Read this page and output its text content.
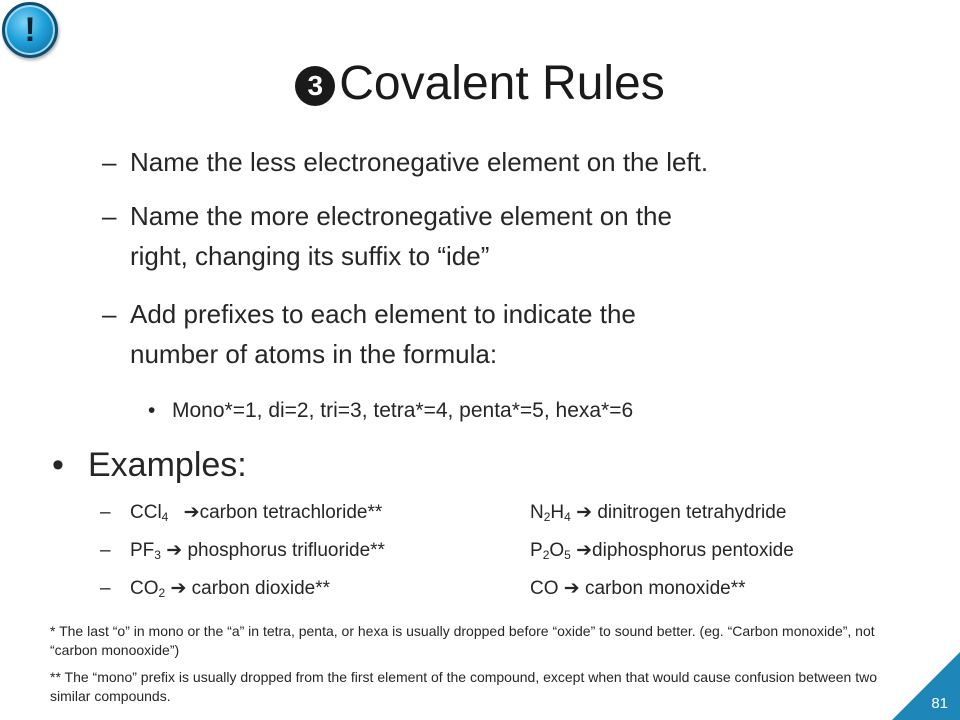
!
3 Covalent Rules
– Name the less electronegative element on the left.
– Name the more electronegative element on the
right, changing its suffix to “ide”
– Add prefixes to each element to indicate the
number of atoms in the formula:
• Mono*=1, di=2, tri=3, tetra*=4, penta*=5, hexa*=6
• Examples:
– CCl$_4$ ➔carbon tetrachloride**	$N_2H_4$ ➔ dinitrogen tetrahydride
– $PF_3$ ➔ phosphorus trifluoride**	$P_2O_5$ ➔diphosphorus pentoxide
– $CO_2$ ➔ carbon dioxide**	CO ➔ carbon monoxide**
* The last “o” in mono or the “a” in tetra, penta, or hexa is usually dropped before “oxide” to sound better. (eg. “Carbon monoxide”, not “carbon monooxide”)
** The “mono” prefix is usually dropped from the first element of the compound, except when that would cause confusion between two similar compounds.	81
